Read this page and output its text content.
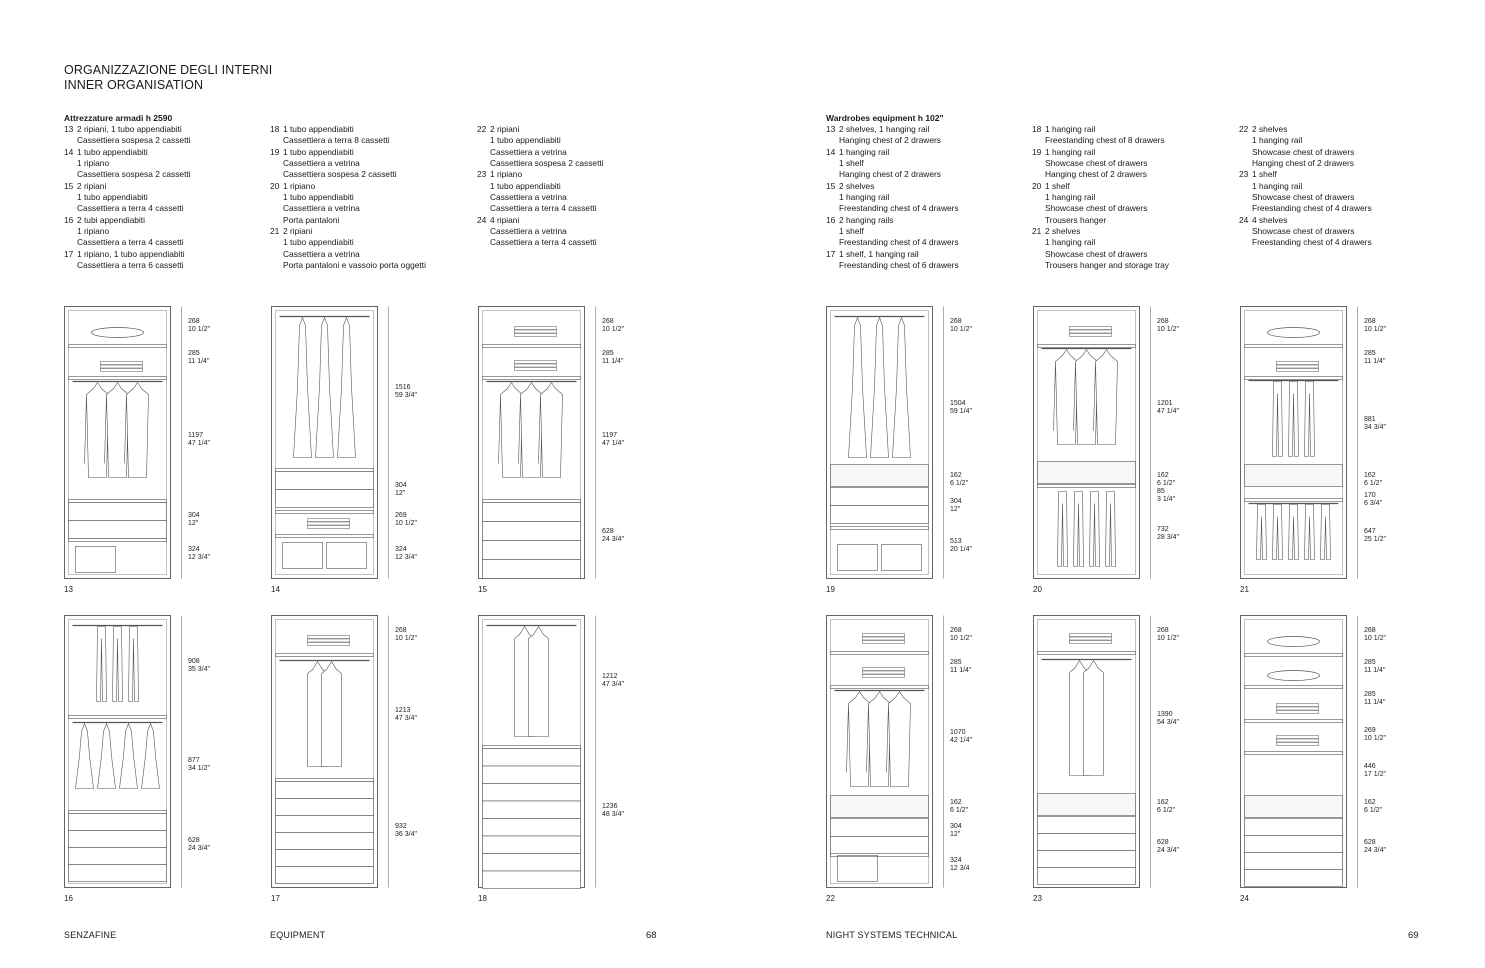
ORGANIZZAZIONE DEGLI INTERNI
INNER ORGANISATION
Attrezzature armadi h 2590	Wardrobes equipment h 102"
13 2 ripiani, 1 tubo appendiabiti
Cassettiera sospesa 2 cassetti
14 1 tubo appendiabiti
1 ripiano
Cassettiera sospesa 2 cassetti
15 2 ripiani
1 tubo appendiabiti
Cassettiera a terra 4 cassetti
16 2 tubi appendiabiti
1 ripiano
Cassettiera a terra 4 cassetti
17 1 ripiano, 1 tubo appendiabiti
Cassettiera a terra 6 cassetti
18 1 tubo appendiabiti
Cassettiera a terra 8 cassetti
19 1 tubo appendiabiti
Cassettiera a vetrina
Cassettiera sospesa 2 cassetti
20 1 ripiano
1 tubo appendiabiti
Cassettiera a vetrina
Porta pantaloni
21 2 ripiani
1 tubo appendiabiti
Cassettiera a vetrina
Porta pantaloni e vassoio porta oggetti
22 2 ripiani
1 tubo appendiabiti
Cassettiera a vetrina
Cassettiera sospesa 2 cassetti
23 1 ripiano
1 tubo appendiabiti
Cassettiera a vetrina
Cassettiera a terra 4 cassetti
24 4 ripiani
Cassettiera a vetrina
Cassettiera a terra 4 cassetti
13 2 shelves, 1 hanging rail
Hanging chest of 2 drawers
14 1 hanging rail
1 shelf
Hanging chest of 2 drawers
15 2 shelves
1 hanging rail
Freestanding chest of 4 drawers
16 2 hanging rails
1 shelf
Freestanding chest of 4 drawers
17 1 shelf, 1 hanging rail
Freestanding chest of 6 drawers
18 1 hanging rail
Freestanding chest of 8 drawers
19 1 hanging rail
Showcase chest of drawers
Hanging chest of 2 drawers
20 1 shelf
1 hanging rail
Showcase chest of drawers
Trousers hanger
21 2 shelves
1 hanging rail
Showcase chest of drawers
Trousers hanger and storage tray
22 2 shelves
1 hanging rail
Showcase chest of drawers
Hanging chest of 2 drawers
23 1 shelf
1 hanging rail
Showcase chest of drawers
Freestanding chest of 4 drawers
24 4 shelves
Showcase chest of drawers
Freestanding chest of 4 drawers
268
10 1/2"
285
11 1/4"
1197
47 1/4"
304
12"
324
12 3/4"
13
1516
59 3/4"
304
12"
269
10 1/2"
324
12 3/4"
14
268
10 1/2"
285
11 1/4"
1197
47 1/4"
628
24 3/4"
15
908
35 3/4"
877
34 1/2"
628
24 3/4"
16
268
10 1/2"
1213
47 3/4"
932
36 3/4"
17
1212
47 3/4"
1236
48 3/4"
18
268
10 1/2"
1504
59 1/4"
162
6 1/2"
304
12"
513
20 1/4"
19
268
10 1/2"
1201
47 1/4"
162
6 1/2"
85
3 1/4"
732
28 3/4"
20
268
10 1/2"
285
11 1/4"
881
34 3/4"
162
6 1/2"
170
6 3/4"
647
25 1/2"
21
268
10 1/2"
285
11 1/4"
1070
42 1/4"
162
6 1/2"
304
12"
324
12 3/4
22
268
10 1/2"
1390
54 3/4"
162
6 1/2"
628
24 3/4"
23
268
10 1/2"
285
11 1/4"
285
11 1/4"
269
10 1/2"
446
17 1/2"
162
6 1/2"
628
24 3/4"
24
SENZAFINE	EQUIPMENT	68	NIGHT SYSTEMS TECHNICAL	69
